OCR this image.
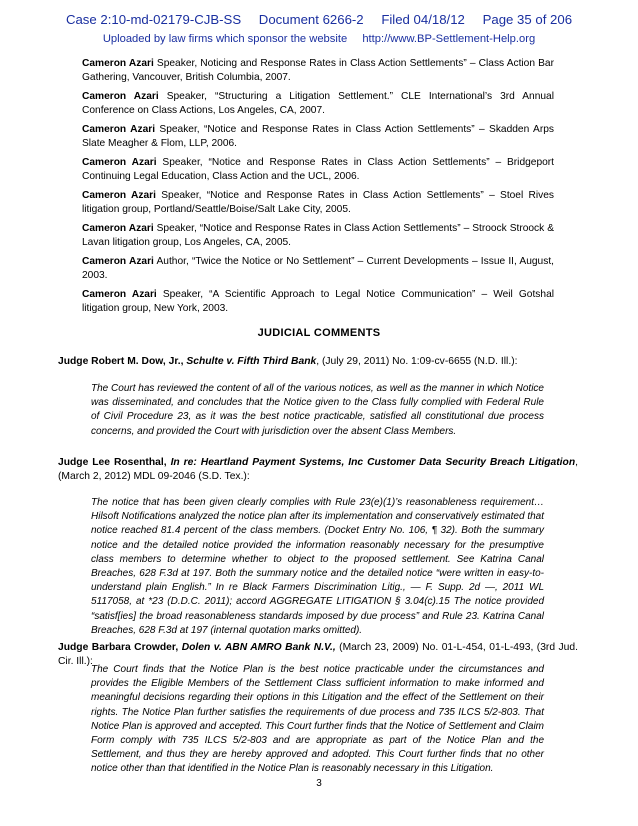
Case 2:10-md-02179-CJB-SS Document 6266-2 Filed 04/18/12 Page 35 of 206
Uploaded by law firms which sponsor the website http://www.BP-Settlement-Help.org
Cameron Azari Speaker, Noticing and Response Rates in Class Action Settlements” – Class Action Bar Gathering, Vancouver, British Columbia, 2007.
Cameron Azari Speaker, “Structuring a Litigation Settlement.” CLE International’s 3rd Annual Conference on Class Actions, Los Angeles, CA, 2007.
Cameron Azari Speaker, “Notice and Response Rates in Class Action Settlements” – Skadden Arps Slate Meagher & Flom, LLP, 2006.
Cameron Azari Speaker, “Notice and Response Rates in Class Action Settlements” – Bridgeport Continuing Legal Education, Class Action and the UCL, 2006.
Cameron Azari Speaker, “Notice and Response Rates in Class Action Settlements” – Stoel Rives litigation group, Portland/Seattle/Boise/Salt Lake City, 2005.
Cameron Azari Speaker, “Notice and Response Rates in Class Action Settlements” – Stroock Stroock & Lavan litigation group, Los Angeles, CA, 2005.
Cameron Azari Author, “Twice the Notice or No Settlement” – Current Developments – Issue II, August, 2003.
Cameron Azari Speaker, “A Scientific Approach to Legal Notice Communication” – Weil Gotshal litigation group, New York, 2003.
JUDICIAL COMMENTS
Judge Robert M. Dow, Jr., Schulte v. Fifth Third Bank, (July 29, 2011) No. 1:09-cv-6655 (N.D. Ill.):
The Court has reviewed the content of all of the various notices, as well as the manner in which Notice was disseminated, and concludes that the Notice given to the Class fully complied with Federal Rule of Civil Procedure 23, as it was the best notice practicable, satisfied all constitutional due process concerns, and provided the Court with jurisdiction over the absent Class Members.
Judge Lee Rosenthal, In re: Heartland Payment Systems, Inc Customer Data Security Breach Litigation, (March 2, 2012) MDL 09-2046 (S.D. Tex.):
The notice that has been given clearly complies with Rule 23(e)(1)’s reasonableness requirement… Hilsoft Notifications analyzed the notice plan after its implementation and conservatively estimated that notice reached 81.4 percent of the class members. (Docket Entry No. 106, ¶ 32). Both the summary notice and the detailed notice provided the information reasonably necessary for the presumptive class members to determine whether to object to the proposed settlement. See Katrina Canal Breaches, 628 F.3d at 197. Both the summary notice and the detailed notice “were written in easy-to-understand plain English.” In re Black Farmers Discrimination Litig., — F. Supp. 2d —, 2011 WL 5117058, at *23 (D.D.C. 2011); accord AGGREGATE LITIGATION § 3.04(c).15 The notice provided “satisf[ies] the broad reasonableness standards imposed by due process” and Rule 23. Katrina Canal Breaches, 628 F.3d at 197 (internal quotation marks omitted).
Judge Barbara Crowder, Dolen v. ABN AMRO Bank N.V., (March 23, 2009) No. 01-L-454, 01-L-493, (3rd Jud. Cir. Ill.):
The Court finds that the Notice Plan is the best notice practicable under the circumstances and provides the Eligible Members of the Settlement Class sufficient information to make informed and meaningful decisions regarding their options in this Litigation and the effect of the Settlement on their rights. The Notice Plan further satisfies the requirements of due process and 735 ILCS 5/2-803. That Notice Plan is approved and accepted. This Court further finds that the Notice of Settlement and Claim Form comply with 735 ILCS 5/2-803 and are appropriate as part of the Notice Plan and the Settlement, and thus they are hereby approved and adopted. This Court further finds that no other notice other than that identified in the Notice Plan is reasonably necessary in this Litigation.
3
